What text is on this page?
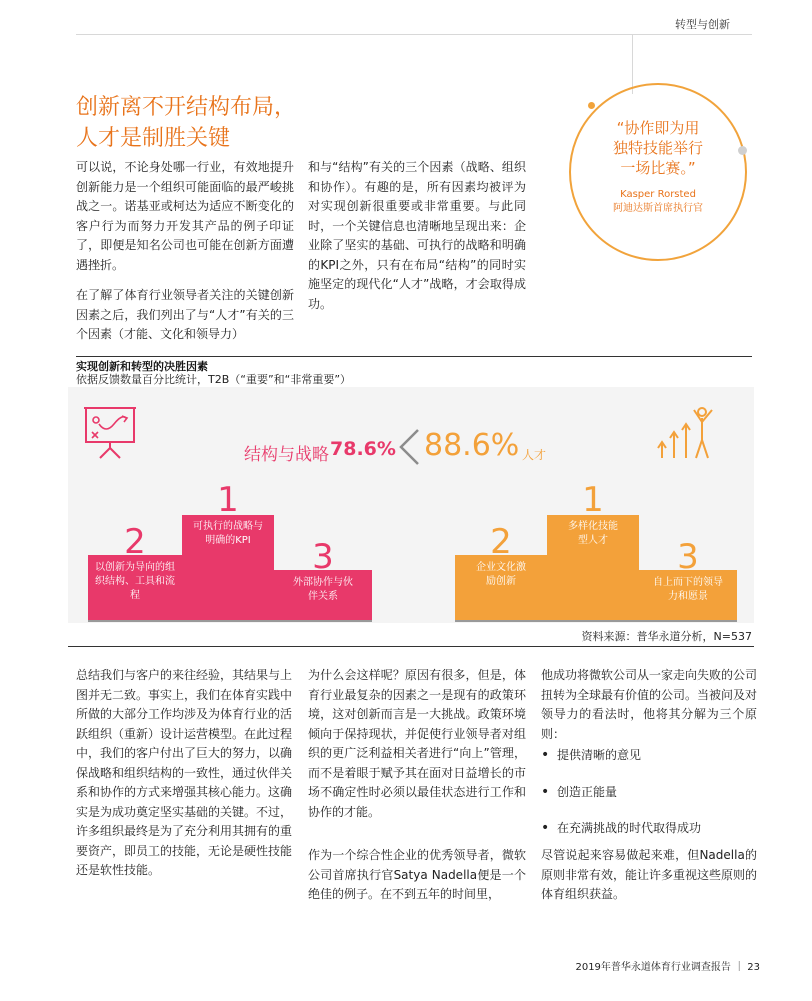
转型与创新
创新离不开结构布局，
人才是制胜关键	“协作即为用
独特技能举行
一场比赛。”
Kasper Rorsted
阿迪达斯首席执行官

可以说，不论身处哪一行业，有效地提升创新能力是一个组织可能面临的最严峻挑战之一。诺基亚或柯达为适应不断变化的客户行为而努力开发其产品的例子印证了，即便是知名公司也可能在创新方面遭遇挫折。

在了解了体育行业领导者关注的关键创新因素之后，我们列出了与“人才”有关的三个因素（才能、文化和领导力）

和与“结构”有关的三个因素（战略、组织和协作）。有趣的是，所有因素均被评为对实现创新很重要或非常重要。与此同时，一个关键信息也清晰地呈现出来：企业除了坚实的基础、可执行的战略和明确的KPI之外，只有在布局“结构”的同时实施坚定的现代化“人才”战略，才会取得成功。

实现创新和转型的决胜因素
依据反馈数量百分比统计，T2B（“重要”和“非常重要”）
结构与战略 78.6% 88.6% 人才
2
以创新为导向的组织结构、工具和流程
1
可执行的战略与明确的KPI	3
外部协作与伙伴关系
2
企业文化激励创新
1
多样化技能型人才	3
自上而下的领导力和愿景
资料来源：普华永道分析，N=537

总结我们与客户的来往经验，其结果与上图并无二致。事实上，我们在体育实践中所做的大部分工作均涉及为体育行业的活跃组织（重新）设计运营模型。在此过程中，我们的客户付出了巨大的努力，以确保战略和组织结构的一致性，通过伙伴关系和协作的方式来增强其核心能力。这确实是为成功奠定坚实基础的关键。不过，许多组织最终是为了充分利用其拥有的重要资产，即员工的技能，无论是硬性技能还是软性技能。

为什么会这样呢？原因有很多，但是，体育行业最复杂的因素之一是现有的政策环境，这对创新而言是一大挑战。政策环境倾向于保持现状，并促使行业领导者对组织的更广泛利益相关者进行“向上”管理，而不是着眼于赋予其在面对日益增长的市场不确定性时必须以最佳状态进行工作和协作的才能。

作为一个综合性企业的优秀领导者，微软公司首席执行官Satya Nadella便是一个绝佳的例子。在不到五年的时间里，

他成功将微软公司从一家走向失败的公司扭转为全球最有价值的公司。当被问及对领导力的看法时，他将其分解为三个原则：

• 提供清晰的意见
• 创造正能量
• 在充满挑战的时代取得成功

尽管说起来容易做起来难，但Nadella的原则非常有效，能让许多重视这些原则的体育组织获益。

2019年普华永道体育行业调查报告 ｜ 23
